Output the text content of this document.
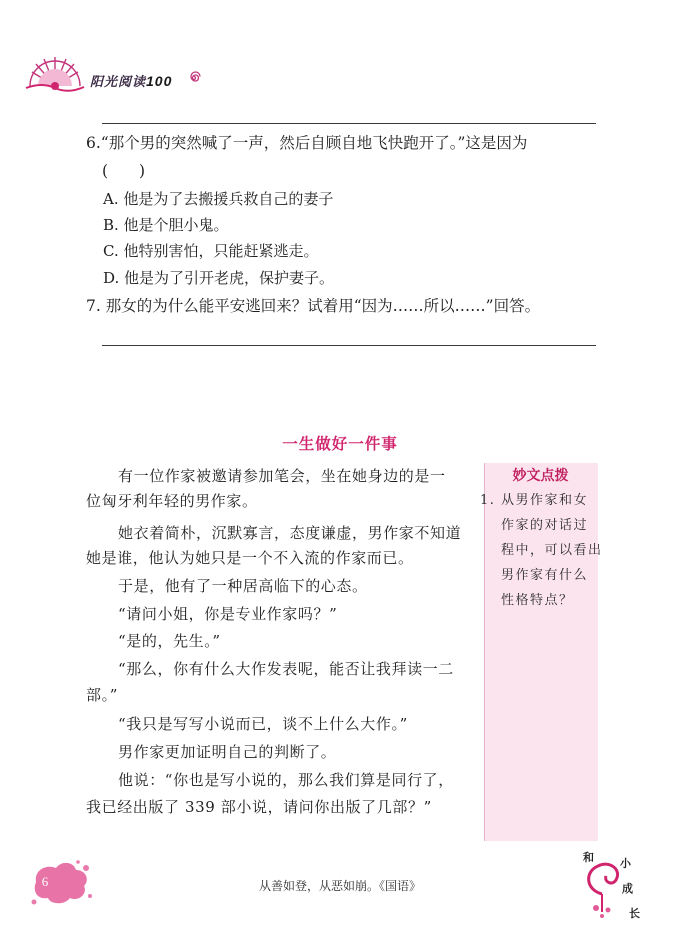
阳光阅读100
6.“那个男的突然喊了一声，然后自顾自地飞快跑开了。”这是因为
(　　)
A. 他是为了去搬援兵救自己的妻子
B. 他是个胆小鬼。
C. 他特别害怕，只能赶紧逃走。
D. 他是为了引开老虎，保护妻子。
7. 那女的为什么能平安逃回来？试着用“因为……所以……”回答。
一生做好一件事
有一位作家被邀请参加笔会，坐在她身边的是一
位匈牙利年轻的男作家。
她衣着简朴，沉默寡言，态度谦虚，男作家不知道
她是谁，他认为她只是一个不入流的作家而已。
于是，他有了一种居高临下的心态。
“请问小姐，你是专业作家吗？”
“是的，先生。”
“那么，你有什么大作发表呢，能否让我拜读一二
部。”
“我只是写写小说而已，谈不上什么大作。”
男作家更加证明自己的判断了。
他说：“你也是写小说的，那么我们算是同行了，
我已经出版了 339 部小说，请问你出版了几部？”
妙文点拨
1. 从男作家和女
作家的对话过
程中，可以看出
男作家有什么
性格特点？
6	从善如登，从恶如崩。《国语》
和 小
成
长
